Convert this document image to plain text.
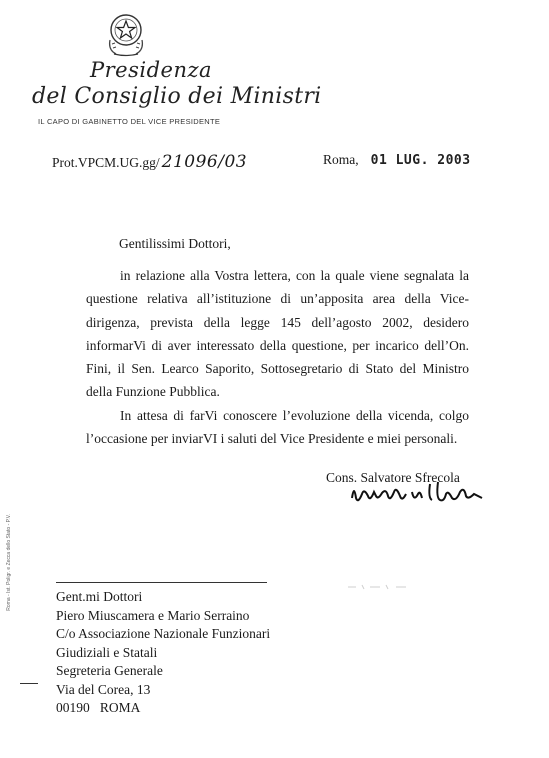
Presidenza
del Consiglio dei Ministri
IL CAPO DI GABINETTO DEL VICE PRESIDENTE
Prot.VPCM.UG.gg/ 21096/03	Roma, 01 LUG. 2003
Gentilissimi Dottori,

in relazione alla Vostra lettera, con la quale viene segnalata la questione relativa all’istituzione di un’apposita area della Vice-dirigenza, prevista della legge 145 dell’agosto 2002, desidero informarVi di aver interessato della questione, per incarico dell’On. Fini, il Sen. Learco Saporito, Sottosegretario di Stato del Ministro della Funzione Pubblica.

In attesa di farVi conoscere l’evoluzione della vicenda, colgo l’occasione per inviarVI i saluti del Vice Presidente e miei personali.

Cons. Salvatore Sfrecola
Roma - Ist. Poligr. e Zecca dello Stato - P.V.	Gent.mi Dottori
Piero Miuscamera e Mario Serraino
C/o Associazione Nazionale Funzionari
Giudiziali e Statali
Segreteria Generale
Via del Corea, 13
00190   ROMA
